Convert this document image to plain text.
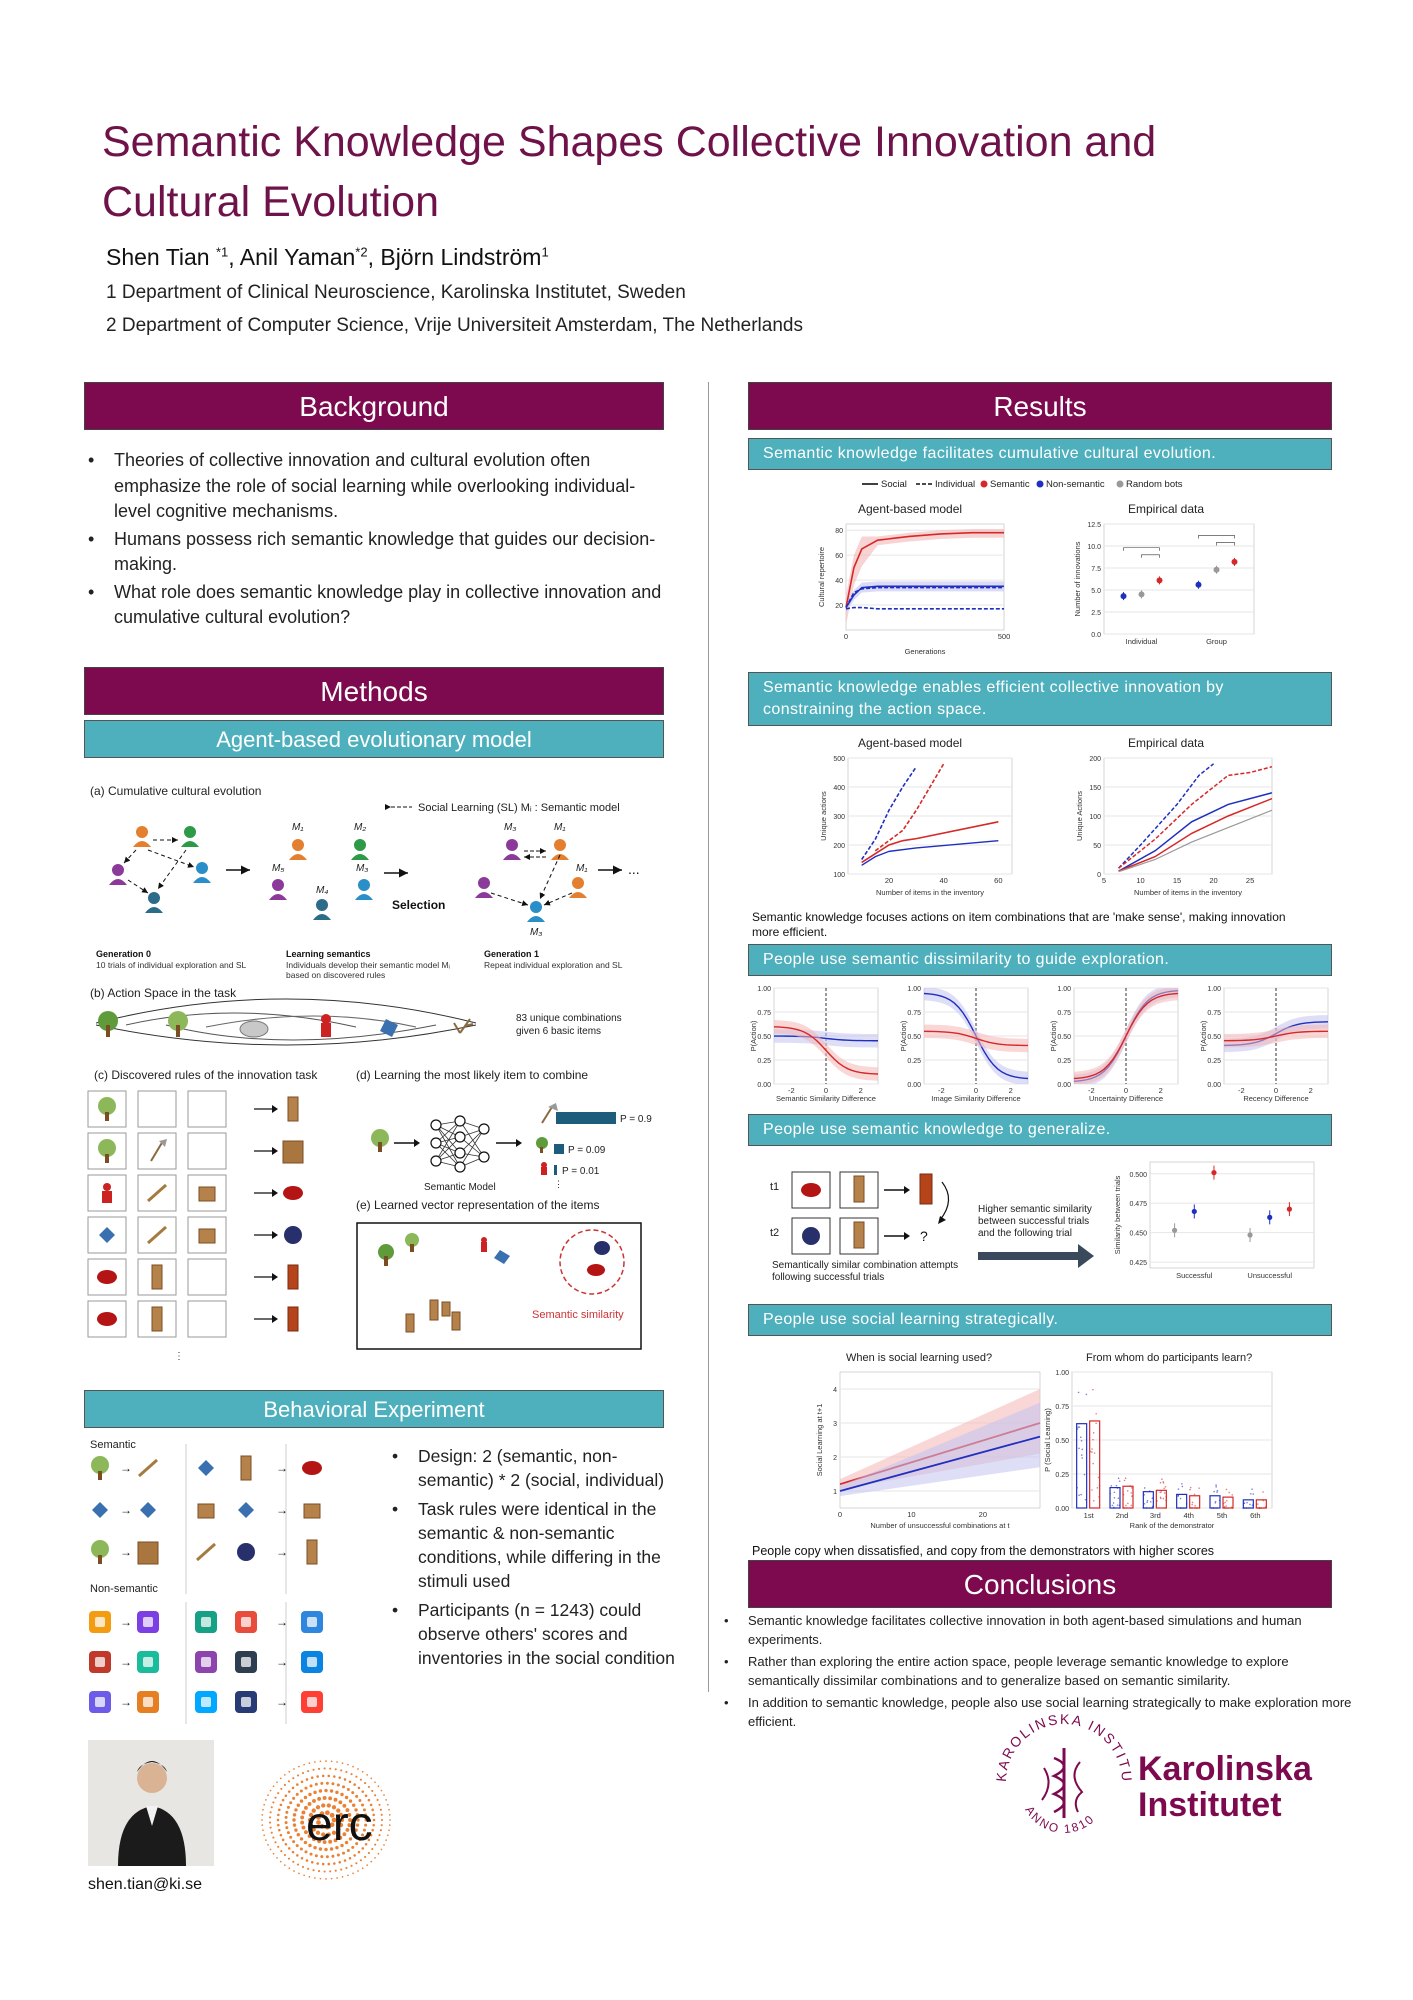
Semantic Knowledge Shapes Collective Innovation and
Cultural Evolution
Shen Tian $^{*1}$, Anil Yaman$^{*2}$, Björn Lindström$^1$
1 Department of Clinical Neuroscience, Karolinska Institutet, Sweden
2 Department of Computer Science, Vrije Universiteit Amsterdam, The Netherlands
Background
• Theories of collective innovation and cultural evolution often emphasize the role of social learning while overlooking individual-level cognitive mechanisms.
• Humans possess rich semantic knowledge that guides our decision-making.
• What role does semantic knowledge play in collective innovation and cumulative cultural evolution?
Methods
Agent-based evolutionary model
(a) Cumulative cultural evolution
Social Learning (SL) Mᵢ : Semantic model
M₁	M₂
M₃
M₄
M₅
Selection
M₃	M₁
M₁
M₃
...
Generation 0
10 trials of individual exploration and SL
Learning semantics
Individuals develop their semantic model Mᵢ based on discovered rules
Generation 1
Repeat individual exploration and SL
(b) Action Space in the task
83 unique combinations
given 6 basic items
(c) Discovered rules of the innovation task
⋮
(d) Learning the most likely item to combine
Semantic Model
P = 0.9
P = 0.09
P = 0.01
⋮
(e) Learned vector representation of the items
Semantic similarity
Behavioral Experiment
Semantic
→	→
→	→
→	→
Non-semantic
→	→
→	→
→	→
• Design: 2 (semantic, non-semantic) * 2 (social, individual)
• Task rules were identical in the semantic & non-semantic conditions, while differing in the stimuli used
• Participants (n = 1243) could observe others' scores and inventories in the social condition
shen.tian@ki.se
erc
Results
Semantic knowledge facilitates cumulative cultural evolution.
Social	Individual Semantic Non-semantic Random bots
Agent-based model	Empirical data
20
40
60
80
0	500
Generations
Cultural repertoire
0.0
2.5
5.0
7.5
10.0
12.5
Number of innovations
Individual	Group
Semantic knowledge enables efficient collective innovation by constraining the action space.
Agent-based model	Empirical data
100
200
300
400
500
20	40	60
Number of items in the inventory
Unique actions
0
50
100
150
200
5	10	15	20	25
Number of items in the inventory
Unique Actions
Semantic knowledge focuses actions on item combinations that are 'make sense', making innovation more efficient.
People use semantic dissimilarity to guide exploration.
0.00
0.25
0.50
0.75
1.00
-2	0	2
Semantic Similarity Difference
P(Action)
0.00
0.25
0.50
0.75
1.00
-2	0	2
Image Similarity Difference
P(Action)
0.00
0.25
0.50
0.75
1.00
-2	0	2
Uncertainty Difference
P(Action)
0.00
0.25
0.50
0.75
1.00
-2	0	2
Recency Difference
P(Action)
People use semantic knowledge to generalize.
t1
t2	?
Semantically similar combination attempts following successful trials
Higher semantic similarity between successful trials and the following trial
0.425
0.450
0.475
0.500
Similarity between trials
Successful	Unsuccessful
People use social learning strategically.
When is social learning used?	From whom do participants learn?
1
2
3
4
0	10	20
Number of unsuccessful combinations at t
Social Learning at t+1
0.00
0.25
0.50
0.75
1.00
Rank of the demonstrator
P (Social Learning)
1st	2nd	3rd	4th	5th	6th
People copy when dissatisfied, and copy from the demonstrators with higher scores
Conclusions
• Semantic knowledge facilitates collective innovation in both agent-based simulations and human experiments.
• Rather than exploring the entire action space, people leverage semantic knowledge to explore semantically dissimilar combinations and to generalize based on semantic similarity.
• In addition to semantic knowledge, people also use social learning strategically to make exploration more efficient.
KAROLINSKA INSTITU
ANNO 1810
Karolinska
Institutet
